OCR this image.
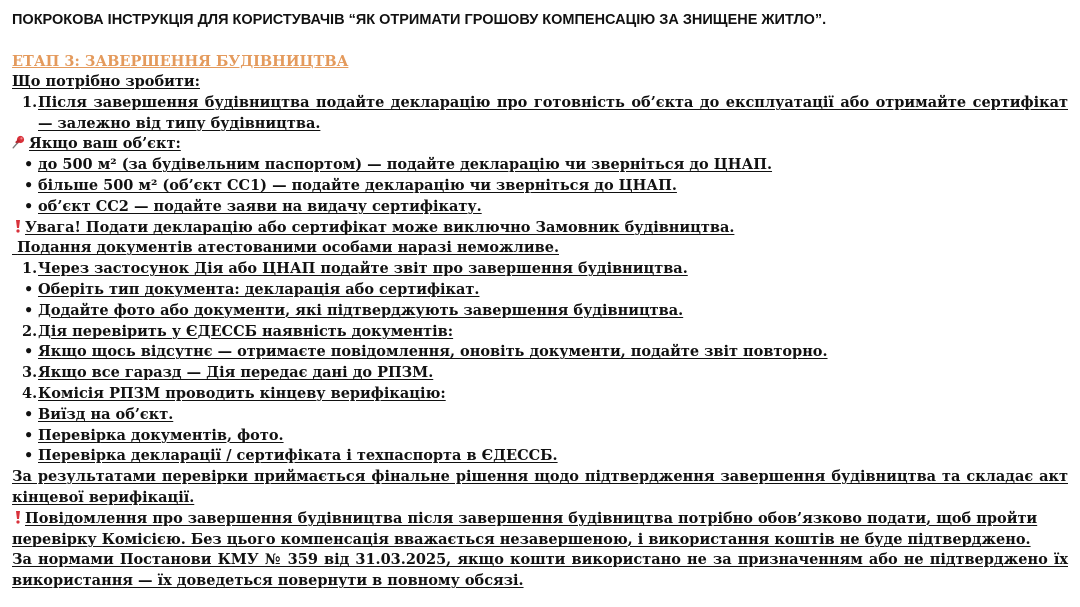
ПОКРОКОВА ІНСТРУКЦІЯ ДЛЯ КОРИСТУВАЧІВ “ЯК ОТРИМАТИ ГРОШОВУ КОМПЕНСАЦІЮ ЗА ЗНИЩЕНЕ ЖИТЛО”.

ЕТАП 3: ЗАВЕРШЕННЯ БУДІВНИЦТВА

Що потрібно зробити:

1. Після завершення будівництва подайте декларацію про готовність об’єкта до експлуатації або отримайте сертифікат — залежно від типу будівництва.

Якщо ваш об’єкт:

• до 500 м² (за будівельним паспортом) — подайте декларацію чи зверніться до ЦНАП.
• більше 500 м² (об’єкт СС1) — подайте декларацію чи зверніться до ЦНАП.
• об’єкт СС2 — подайте заяви на видачу сертифікату.

Увага! Подати декларацію або сертифікат може виключно Замовник будівництва.

Подання документів атестованими особами наразі неможливе.

1. Через застосунок Дія або ЦНАП подайте звіт про завершення будівництва.
• Оберіть тип документа: декларація або сертифікат.
• Додайте фото або документи, які підтверджують завершення будівництва.
2. Дія перевірить у ЄДЕССБ наявність документів:
• Якщо щось відсутнє — отримаєте повідомлення, оновіть документи, подайте звіт повторно.
3. Якщо все гаразд — Дія передає дані до РПЗМ.
4. Комісія РПЗМ проводить кінцеву верифікацію:
• Виїзд на об’єкт.
• Перевірка документів, фото.
• Перевірка декларації / сертифіката і техпаспорта в ЄДЕССБ.

За результатами перевірки приймається фінальне рішення щодо підтвердження завершення будівництва та складає акт кінцевої верифікації.

Повідомлення про завершення будівництва після завершення будівництва потрібно обов’язково подати, щоб пройти перевірку Комісією. Без цього компенсація вважається незавершеною, і використання коштів не буде підтверджено.

За нормами Постанови КМУ № 359 від 31.03.2025, якщо кошти використано не за призначенням або не підтверджено їх використання — їх доведеться повернути в повному обсязі.
